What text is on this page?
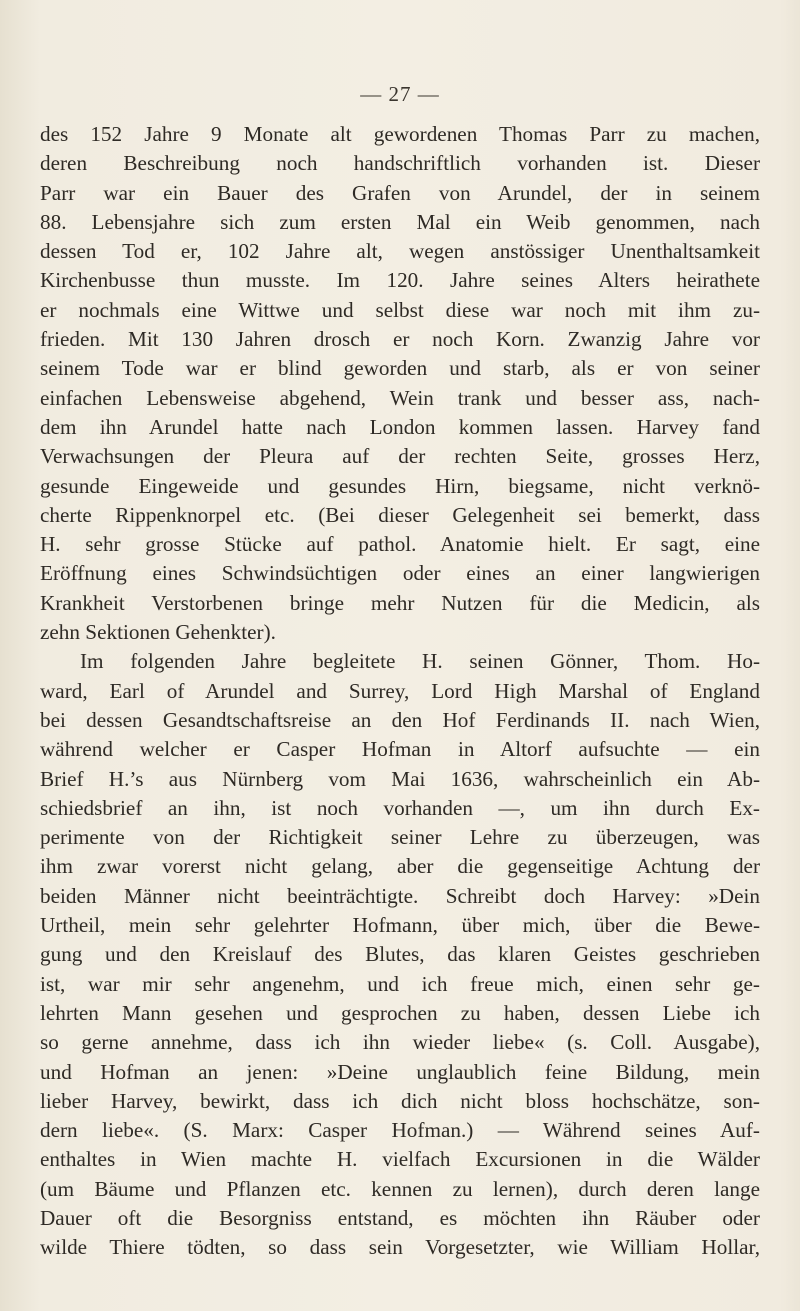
— 27 —
des 152 Jahre 9 Monate alt gewordenen Thomas Parr zu machen,
deren Beschreibung noch handschriftlich vorhanden ist. Dieser
Parr war ein Bauer des Grafen von Arundel, der in seinem
88. Lebensjahre sich zum ersten Mal ein Weib genommen, nach
dessen Tod er, 102 Jahre alt, wegen anstössiger Unenthaltsamkeit
Kirchenbusse thun musste. Im 120. Jahre seines Alters heirathete
er nochmals eine Wittwe und selbst diese war noch mit ihm zu-
frieden. Mit 130 Jahren drosch er noch Korn. Zwanzig Jahre vor
seinem Tode war er blind geworden und starb, als er von seiner
einfachen Lebensweise abgehend, Wein trank und besser ass, nach-
dem ihn Arundel hatte nach London kommen lassen. Harvey fand
Verwachsungen der Pleura auf der rechten Seite, grosses Herz,
gesunde Eingeweide und gesundes Hirn, biegsame, nicht verknö-
cherte Rippenknorpel etc. (Bei dieser Gelegenheit sei bemerkt, dass
H. sehr grosse Stücke auf pathol. Anatomie hielt. Er sagt, eine
Eröffnung eines Schwindsüchtigen oder eines an einer langwierigen
Krankheit Verstorbenen bringe mehr Nutzen für die Medicin, als
zehn Sektionen Gehenkter).
Im folgenden Jahre begleitete H. seinen Gönner, Thom. Ho-
ward, Earl of Arundel and Surrey, Lord High Marshal of England
bei dessen Gesandtschaftsreise an den Hof Ferdinands II. nach Wien,
während welcher er Casper Hofman in Altorf aufsuchte — ein
Brief H.’s aus Nürnberg vom Mai 1636, wahrscheinlich ein Ab-
schiedsbrief an ihn, ist noch vorhanden —, um ihn durch Ex-
perimente von der Richtigkeit seiner Lehre zu überzeugen, was
ihm zwar vorerst nicht gelang, aber die gegenseitige Achtung der
beiden Männer nicht beeinträchtigte. Schreibt doch Harvey: »Dein
Urtheil, mein sehr gelehrter Hofmann, über mich, über die Bewe-
gung und den Kreislauf des Blutes, das klaren Geistes geschrieben
ist, war mir sehr angenehm, und ich freue mich, einen sehr ge-
lehrten Mann gesehen und gesprochen zu haben, dessen Liebe ich
so gerne annehme, dass ich ihn wieder liebe« (s. Coll. Ausgabe),
und Hofman an jenen: »Deine unglaublich feine Bildung, mein
lieber Harvey, bewirkt, dass ich dich nicht bloss hochschätze, son-
dern liebe«. (S. Marx: Casper Hofman.) — Während seines Auf-
enthaltes in Wien machte H. vielfach Excursionen in die Wälder
(um Bäume und Pflanzen etc. kennen zu lernen), durch deren lange
Dauer oft die Besorgniss entstand, es möchten ihn Räuber oder
wilde Thiere tödten, so dass sein Vorgesetzter, wie William Hollar,
